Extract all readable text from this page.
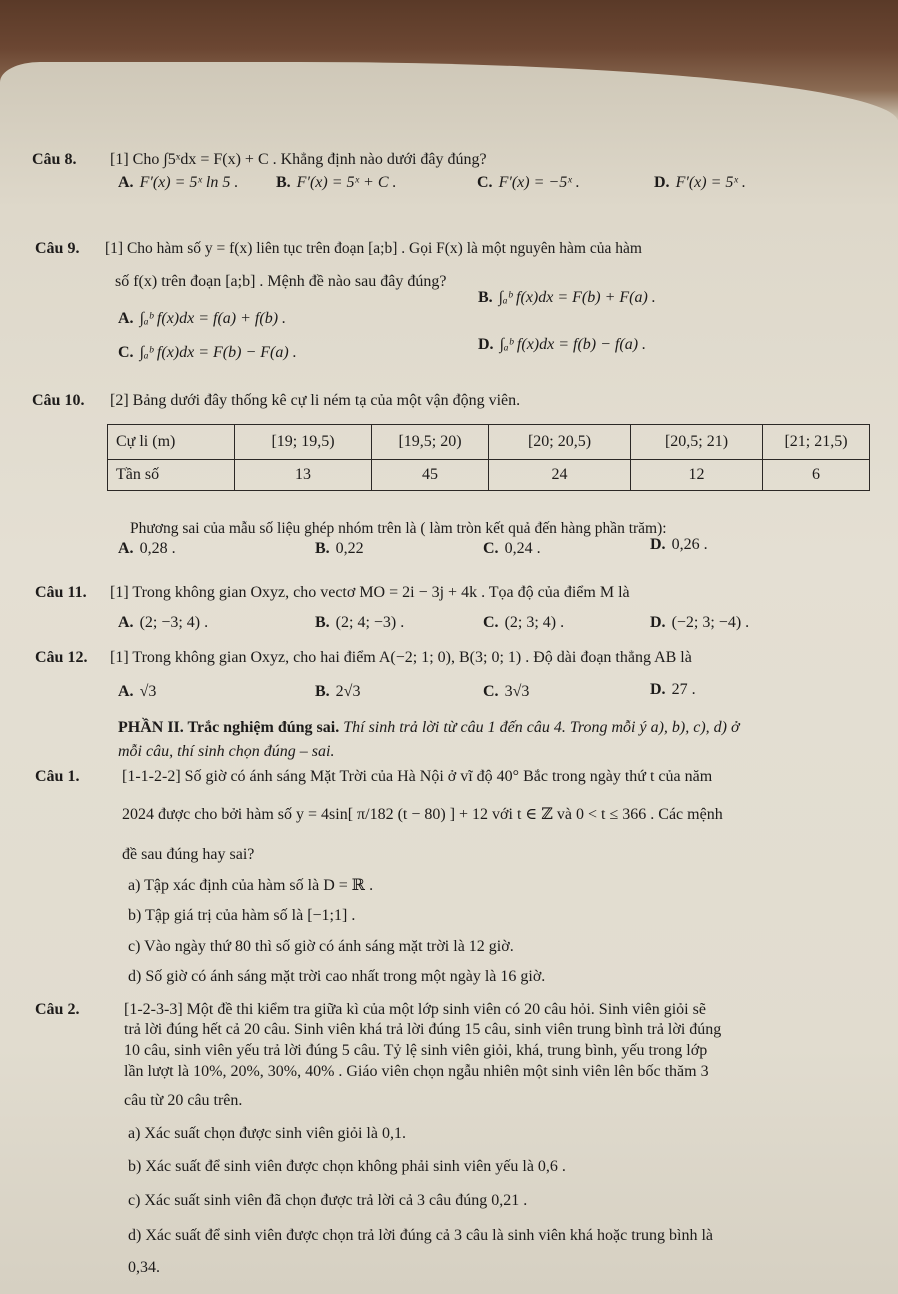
Câu 8. [1] Cho ∫5ˣdx = F(x) + C . Khẳng định nào dưới đây đúng?
A. F′(x) = 5ˣ ln 5 . B. F′(x) = 5ˣ + C .	C. F′(x) = −5ˣ .	D. F′(x) = 5ˣ .
Câu 9. [1] Cho hàm số y = f(x) liên tục trên đoạn [a;b] . Gọi F(x) là một nguyên hàm của hàm
số f(x) trên đoạn [a;b] . Mệnh đề nào sau đây đúng?
A. ∫ₐᵇ f(x)dx = f(a) + f(b) .
B. ∫ₐᵇ f(x)dx = F(b) + F(a) .
C. ∫ₐᵇ f(x)dx = F(b) − F(a) .	D. ∫ₐᵇ f(x)dx = f(b) − f(a) .
Câu 10. [2] Bảng dưới đây thống kê cự li ném tạ của một vận động viên.
Cự li (m)	[19; 19,5)	[19,5; 20)	[20; 20,5)	[20,5; 21)	[21; 21,5)
Tần số	13	45	24	12	6
Phương sai của mẫu số liệu ghép nhóm trên là ( làm tròn kết quả đến hàng phần trăm):
A. 0,28 .	B. 0,22	C. 0,24 .	D. 0,26 .
Câu 11. [1] Trong không gian Oxyz, cho vectơ MO = 2i − 3j + 4k . Tọa độ của điểm M là
A. (2; −3; 4) .	B. (2; 4; −3) .	C. (2; 3; 4) .	D. (−2; 3; −4) .
Câu 12. [1] Trong không gian Oxyz, cho hai điểm A(−2; 1; 0), B(3; 0; 1) . Độ dài đoạn thẳng AB là
A. √3	B. 2√3	C. 3√3	D. 27 .
PHẦN II. Trắc nghiệm đúng sai. Thí sinh trả lời từ câu 1 đến câu 4. Trong mỗi ý a), b), c), d) ở
mỗi câu, thí sinh chọn đúng – sai.
Câu 1.	[1-1-2-2] Số giờ có ánh sáng Mặt Trời của Hà Nội ở vĩ độ 40° Bắc trong ngày thứ t của năm
2024 được cho bởi hàm số y = 4sin[ π/182 (t − 80) ] + 12 với t ∈ ℤ và 0 < t ≤ 366 . Các mệnh
đề sau đúng hay sai?
a) Tập xác định của hàm số là D = ℝ .
b) Tập giá trị của hàm số là [−1;1] .
c) Vào ngày thứ 80 thì số giờ có ánh sáng mặt trời là 12 giờ.
d) Số giờ có ánh sáng mặt trời cao nhất trong một ngày là 16 giờ.
Câu 2.	[1-2-3-3] Một đề thi kiểm tra giữa kì của một lớp sinh viên có 20 câu hỏi. Sinh viên giỏi sẽ
trả lời đúng hết cả 20 câu. Sinh viên khá trả lời đúng 15 câu, sinh viên trung bình trả lời đúng
10 câu, sinh viên yếu trả lời đúng 5 câu. Tỷ lệ sinh viên giỏi, khá, trung bình, yếu trong lớp
lần lượt là 10%, 20%, 30%, 40% . Giáo viên chọn ngẫu nhiên một sinh viên lên bốc thăm 3
câu từ 20 câu trên.
a) Xác suất chọn được sinh viên giỏi là 0,1.
b) Xác suất để sinh viên được chọn không phải sinh viên yếu là 0,6 .
c) Xác suất sinh viên đã chọn được trả lời cả 3 câu đúng 0,21 .
d) Xác suất để sinh viên được chọn trả lời đúng cả 3 câu là sinh viên khá hoặc trung bình là
0,34.
